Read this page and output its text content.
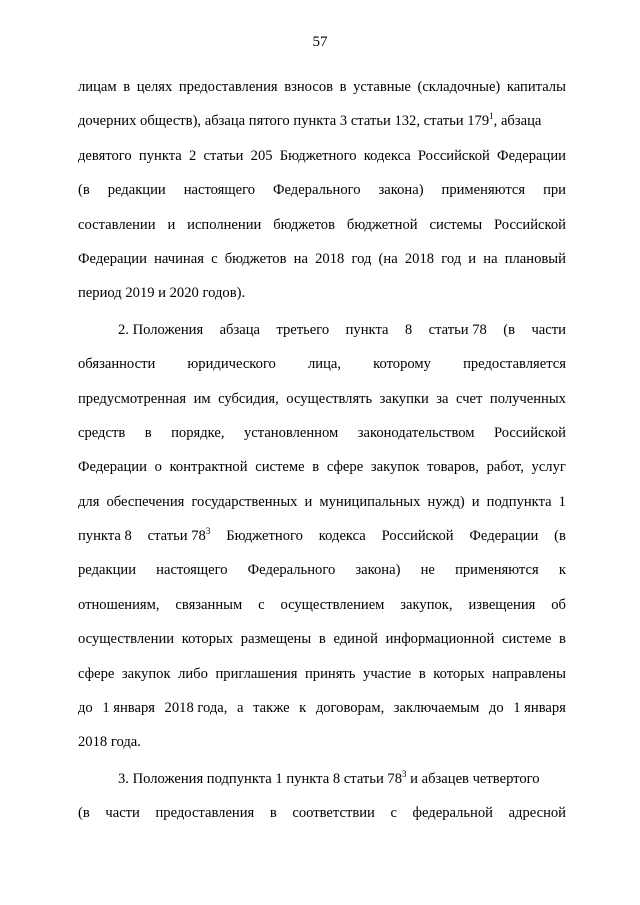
57
лицам в целях предоставления взносов в уставные (складочные) капиталы
дочерних обществ), абзаца пятого пункта 3 статьи 132, статьи $179^1$, абзаца
девятого пункта 2 статьи 205 Бюджетного кодекса Российской Федерации
(в редакции настоящего Федерального закона) применяются при
составлении и исполнении бюджетов бюджетной системы Российской
Федерации начиная с бюджетов на 2018 год (на 2018 год и на плановый
период 2019 и 2020 годов).
2. Положения абзаца третьего пункта 8 статьи 78 (в части
обязанности юридического лица, которому предоставляется
предусмотренная им субсидия, осуществлять закупки за счет полученных
средств в порядке, установленном законодательством Российской
Федерации о контрактной системе в сфере закупок товаров, работ, услуг
для обеспечения государственных и муниципальных нужд) и подпункта 1
пункта 8 статьи $78^3$ Бюджетного кодекса Российской Федерации (в
редакции настоящего Федерального закона) не применяются к
отношениям, связанным с осуществлением закупок, извещения об
осуществлении которых размещены в единой информационной системе в
сфере закупок либо приглашения принять участие в которых направлены
до 1 января 2018 года, а также к договорам, заключаемым до 1 января
2018 года.
3. Положения подпункта 1 пункта 8 статьи $78^3$ и абзацев четвертого
(в части предоставления в соответствии с федеральной адресной
